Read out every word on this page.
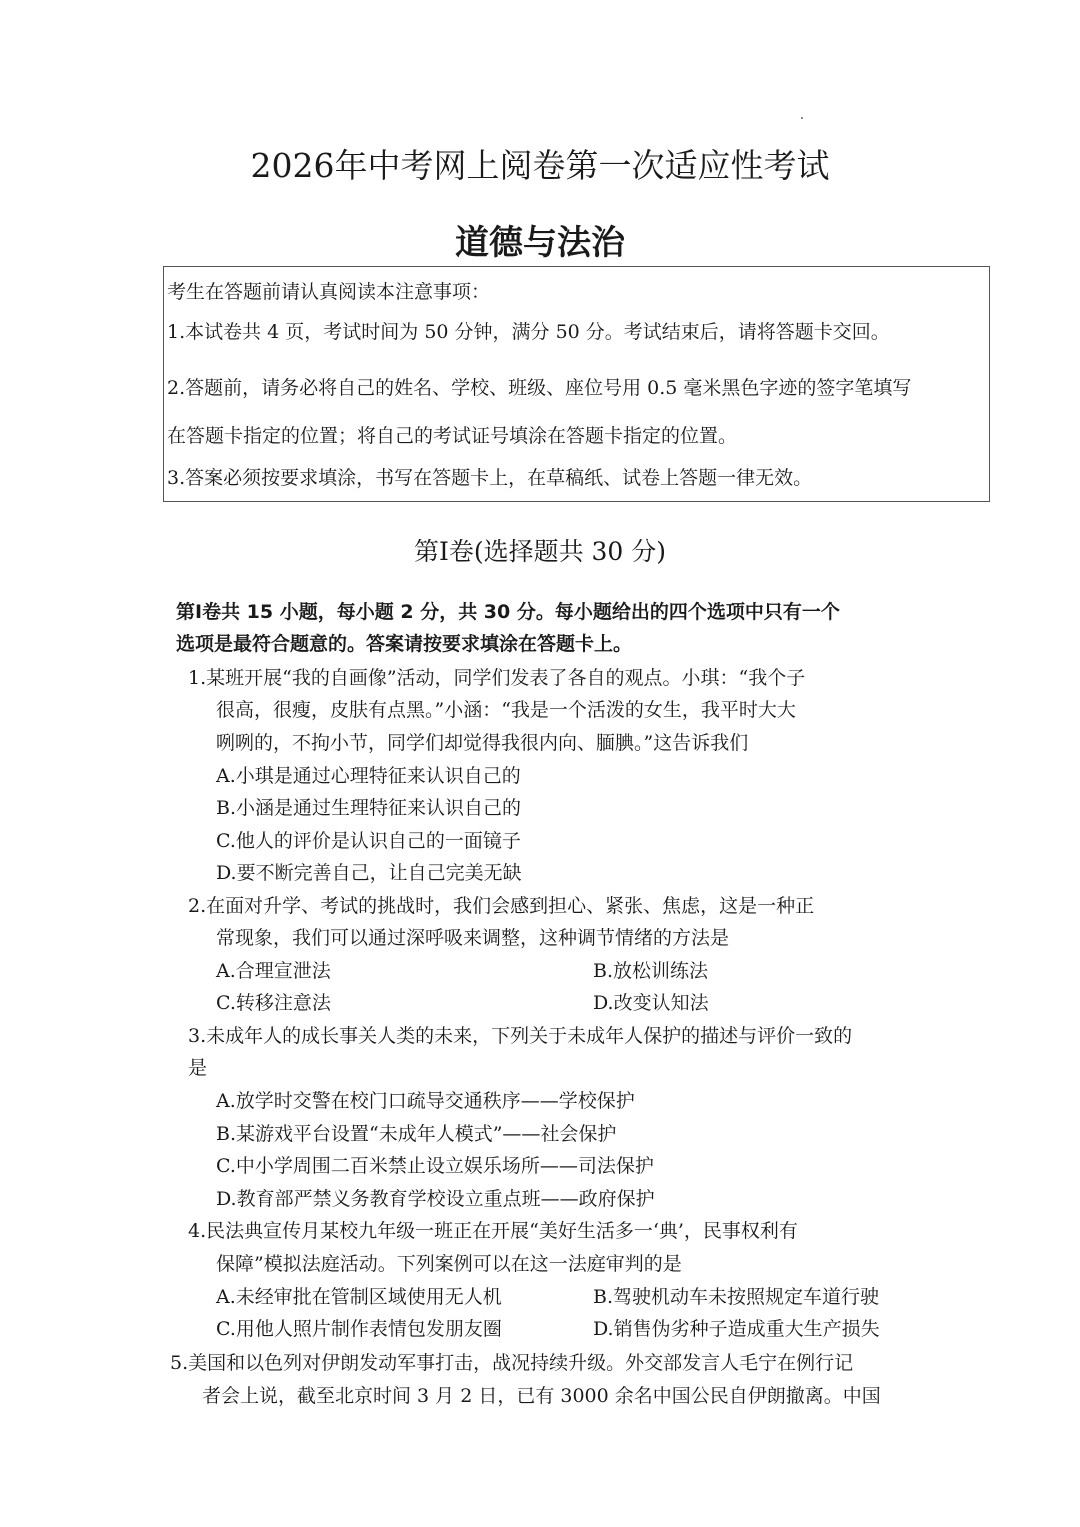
2026年中考网上阅卷第一次适应性考试
道德与法治
考生在答题前请认真阅读本注意事项：
1.本试卷共 4 页，考试时间为 50 分钟，满分 50 分。考试结束后，请将答题卡交回。
2.答题前，请务必将自己的姓名、学校、班级、座位号用 0.5 毫米黑色字迹的签字笔填写
在答题卡指定的位置；将自己的考试证号填涂在答题卡指定的位置。
3.答案必须按要求填涂，书写在答题卡上，在草稿纸、试卷上答题一律无效。
第Ⅰ卷(选择题共 30 分)
第Ⅰ卷共 15 小题，每小题 2 分，共 30 分。每小题给出的四个选项中只有一个
选项是最符合题意的。答案请按要求填涂在答题卡上。
1.某班开展“我的自画像”活动，同学们发表了各自的观点。小琪：“我个子
很高，很瘦，皮肤有点黑。”小涵：“我是一个活泼的女生，我平时大大
咧咧的，不拘小节，同学们却觉得我很内向、腼腆。”这告诉我们
A.小琪是通过心理特征来认识自己的
B.小涵是通过生理特征来认识自己的
C.他人的评价是认识自己的一面镜子
D.要不断完善自己，让自己完美无缺
2.在面对升学、考试的挑战时，我们会感到担心、紧张、焦虑，这是一种正
常现象，我们可以通过深呼吸来调整，这种调节情绪的方法是
A.合理宣泄法	B.放松训练法
C.转移注意法	D.改变认知法
3.未成年人的成长事关人类的未来，下列关于未成年人保护的描述与评价一致的
是
A.放学时交警在校门口疏导交通秩序——学校保护
B.某游戏平台设置“未成年人模式”——社会保护
C.中小学周围二百米禁止设立娱乐场所——司法保护
D.教育部严禁义务教育学校设立重点班——政府保护
4.民法典宣传月某校九年级一班正在开展“美好生活多一‘典’，民事权利有
保障”模拟法庭活动。下列案例可以在这一法庭审判的是
A.未经审批在管制区域使用无人机	B.驾驶机动车未按照规定车道行驶
C.用他人照片制作表情包发朋友圈	D.销售伪劣种子造成重大生产损失
5.美国和以色列对伊朗发动军事打击，战况持续升级。外交部发言人毛宁在例行记
者会上说，截至北京时间 3 月 2 日，已有 3000 余名中国公民自伊朗撤离。中国
